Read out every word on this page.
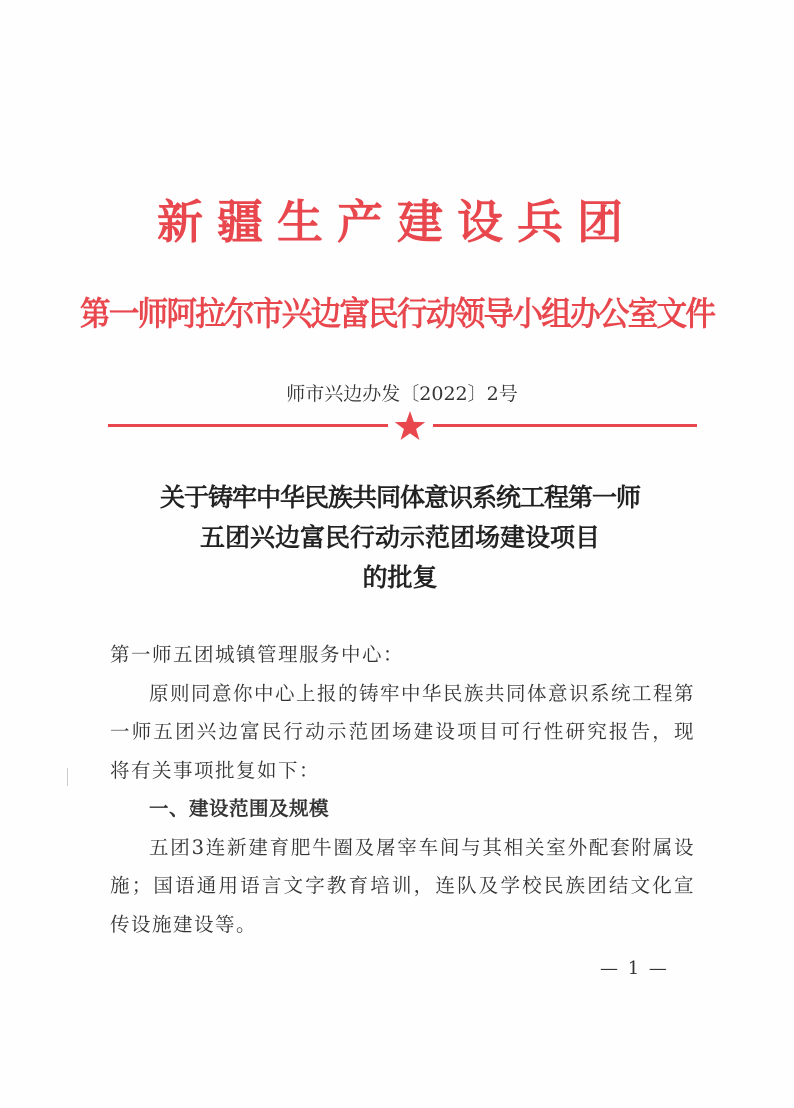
新疆生产建设兵团
第一师阿拉尔市兴边富民行动领导小组办公室文件
师市兴边办发〔2022〕2号
关于铸牢中华民族共同体意识系统工程第一师
五团兴边富民行动示范团场建设项目
的批复

第一师五团城镇管理服务中心：

原则同意你中心上报的铸牢中华民族共同体意识系统工程第一师五团兴边富民行动示范团场建设项目可行性研究报告，现将有关事项批复如下：

一、建设范围及规模

五团3连新建育肥牛圈及屠宰车间与其相关室外配套附属设施；国语通用语言文字教育培训，连队及学校民族团结文化宣传设施建设等。

— 1 —
